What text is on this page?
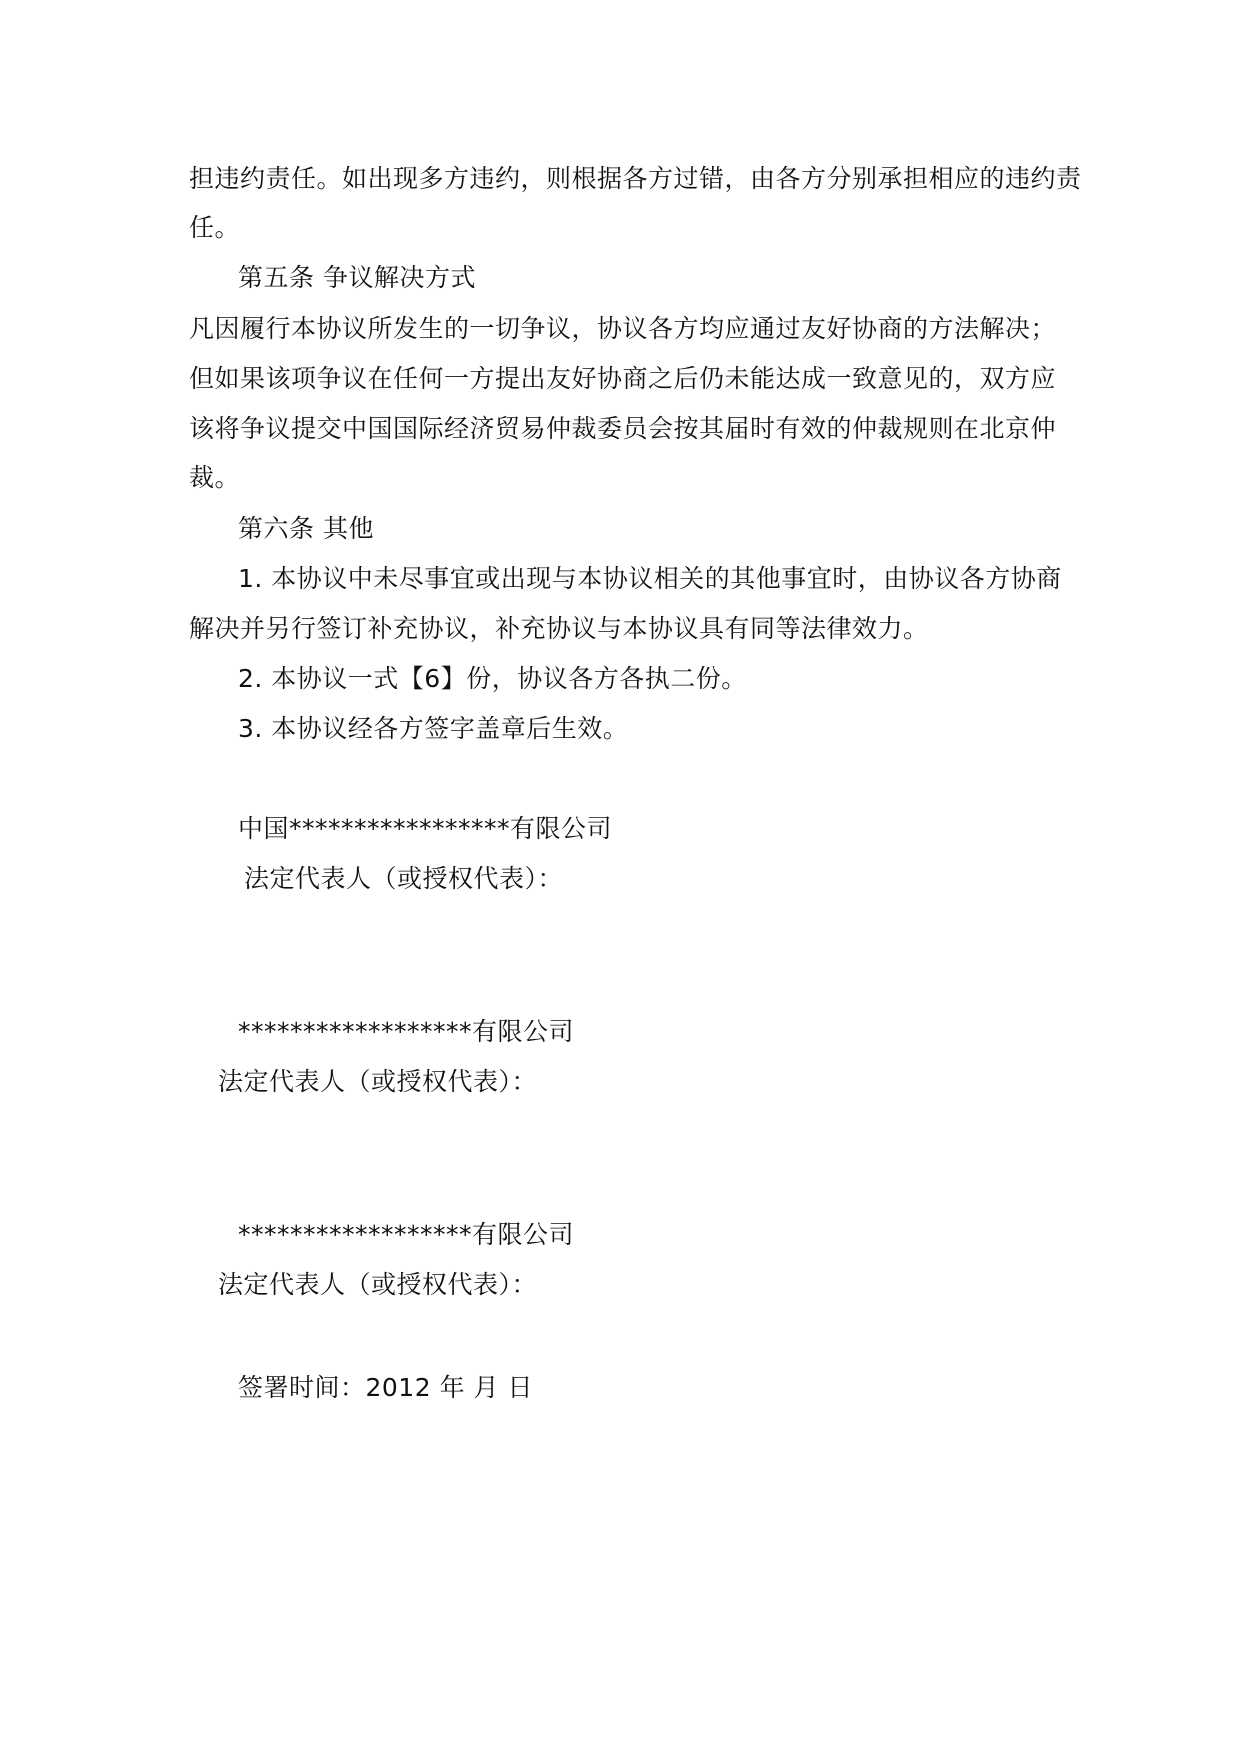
担违约责任。如出现多方违约，则根据各方过错，由各方分别承担相应的违约责
任。
第五条 争议解决方式
凡因履行本协议所发生的一切争议，协议各方均应通过友好协商的方法解决；
但如果该项争议在任何一方提出友好协商之后仍未能达成一致意见的，双方应
该将争议提交中国国际经济贸易仲裁委员会按其届时有效的仲裁规则在北京仲
裁。
第六条 其他
1. 本协议中未尽事宜或出现与本协议相关的其他事宜时，由协议各方协商
解决并另行签订补充协议，补充协议与本协议具有同等法律效力。
2. 本协议一式【6】份，协议各方各执二份。
3. 本协议经各方签字盖章后生效。
中国*****************有限公司
法定代表人（或授权代表）：
******************有限公司
法定代表人（或授权代表）：
******************有限公司
法定代表人（或授权代表）：
签署时间：2012 年 月 日
